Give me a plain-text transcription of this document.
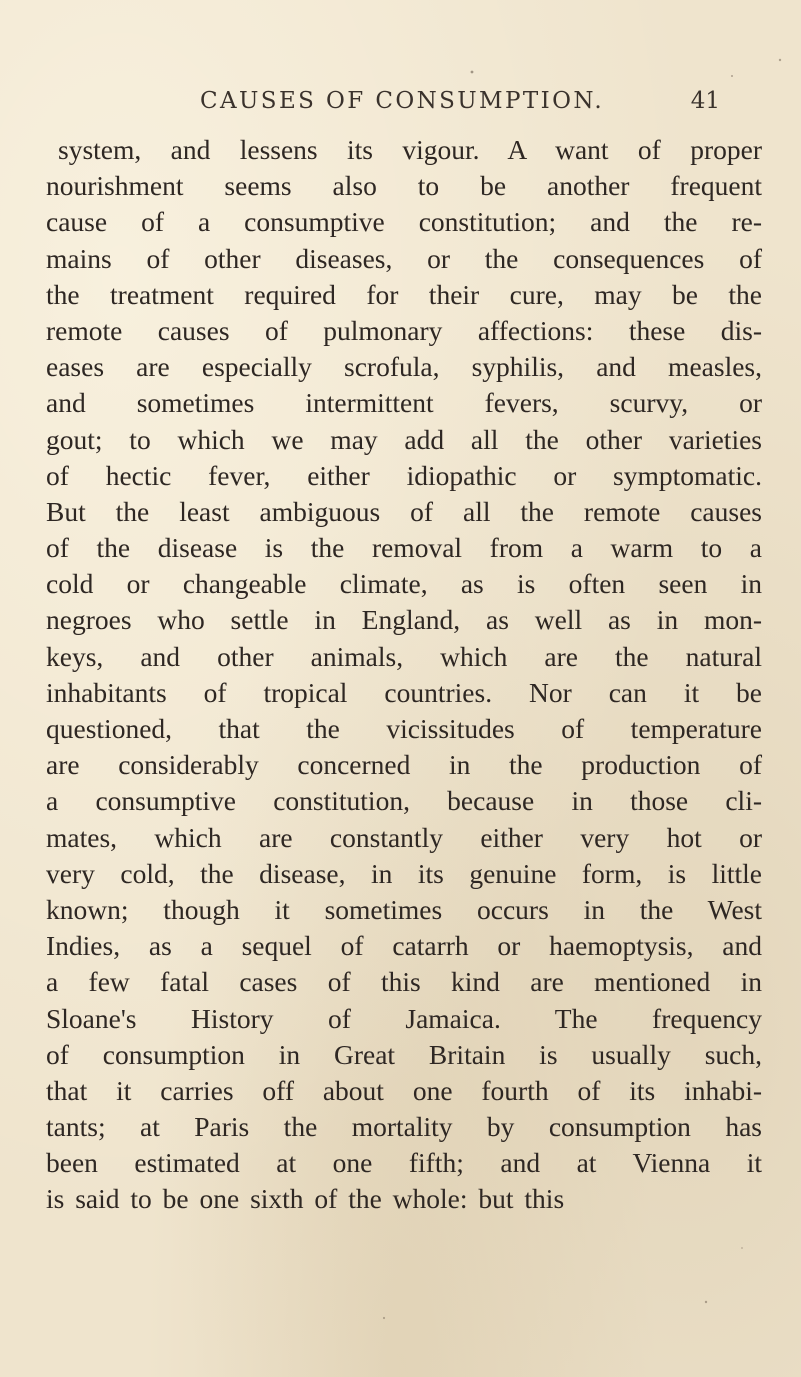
CAUSES OF CONSUMPTION.	41
system, and lessens its vigour. A want of proper
nourishment seems also to be another frequent
cause of a consumptive constitution; and the re-
mains of other diseases, or the consequences of
the treatment required for their cure, may be the
remote causes of pulmonary affections: these dis-
eases are especially scrofula, syphilis, and measles,
and sometimes intermittent fevers, scurvy, or
gout; to which we may add all the other varieties
of hectic fever, either idiopathic or symptomatic.
But the least ambiguous of all the remote causes
of the disease is the removal from a warm to a
cold or changeable climate, as is often seen in
negroes who settle in England, as well as in mon-
keys, and other animals, which are the natural
inhabitants of tropical countries. Nor can it be
questioned, that the vicissitudes of temperature
are considerably concerned in the production of
a consumptive constitution, because in those cli-
mates, which are constantly either very hot or
very cold, the disease, in its genuine form, is little
known; though it sometimes occurs in the West
Indies, as a sequel of catarrh or haemoptysis, and
a few fatal cases of this kind are mentioned in
Sloane's History of Jamaica. The frequency
of consumption in Great Britain is usually such,
that it carries off about one fourth of its inhabi-
tants; at Paris the mortality by consumption has
been estimated at one fifth; and at Vienna it
is said to be one sixth of the whole: but this
